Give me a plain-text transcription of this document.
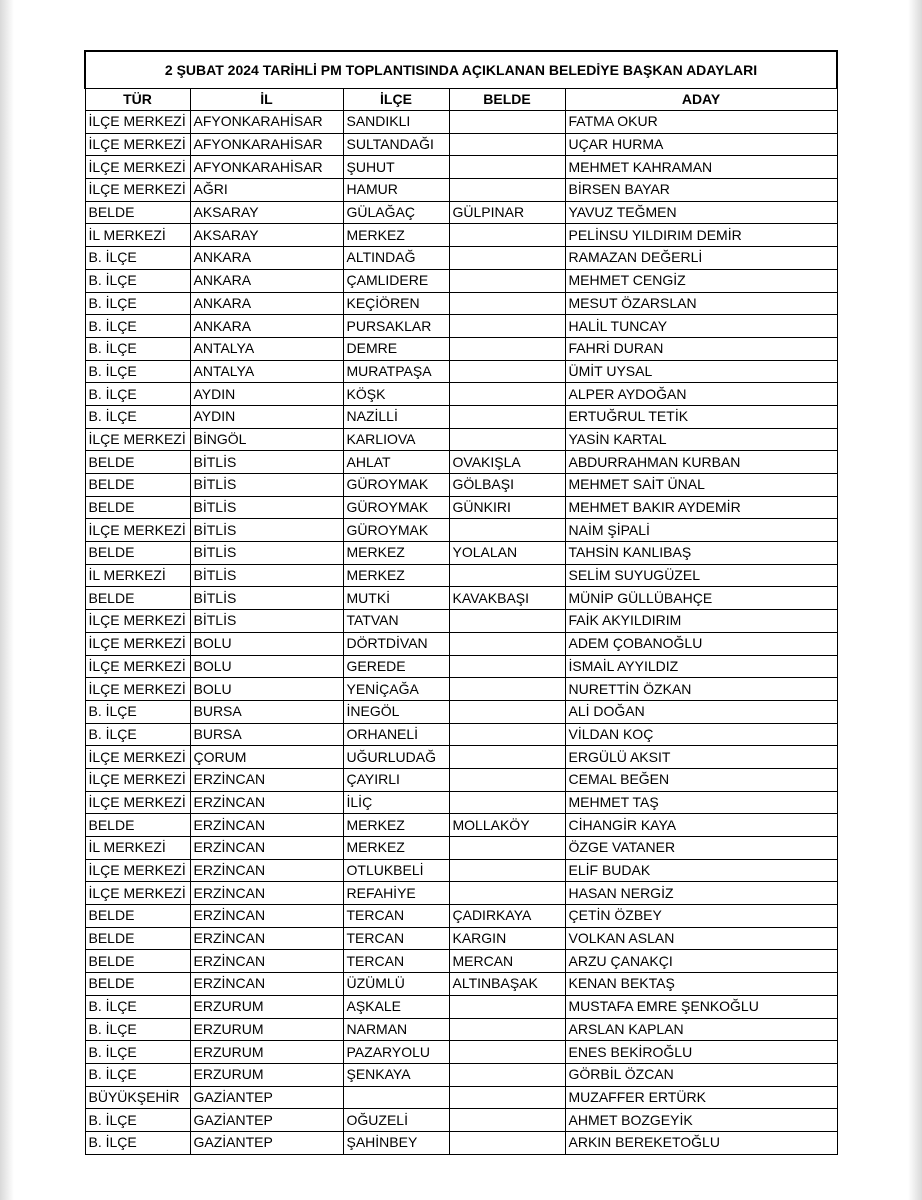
2 ŞUBAT 2024 TARİHLİ PM TOPLANTISINDA AÇIKLANAN BELEDİYE BAŞKAN ADAYLARI				
TÜR	İL	İLÇE	BELDE	ADAY
İLÇE MERKEZİ	AFYONKARAHİSAR	SANDIKLI		FATMA OKUR
İLÇE MERKEZİ	AFYONKARAHİSAR	SULTANDAĞI		UÇAR HURMA
İLÇE MERKEZİ	AFYONKARAHİSAR	ŞUHUT		MEHMET KAHRAMAN
İLÇE MERKEZİ	AĞRI	HAMUR		BİRSEN BAYAR
BELDE	AKSARAY	GÜLAĞAÇ	GÜLPINAR	YAVUZ TEĞMEN
İL MERKEZİ	AKSARAY	MERKEZ		PELİNSU YILDIRIM DEMİR
B. İLÇE	ANKARA	ALTINDAĞ		RAMAZAN DEĞERLİ
B. İLÇE	ANKARA	ÇAMLIDERE		MEHMET CENGİZ
B. İLÇE	ANKARA	KEÇİÖREN		MESUT ÖZARSLAN
B. İLÇE	ANKARA	PURSAKLAR		HALİL TUNCAY
B. İLÇE	ANTALYA	DEMRE		FAHRİ DURAN
B. İLÇE	ANTALYA	MURATPAŞA		ÜMİT UYSAL
B. İLÇE	AYDIN	KÖŞK		ALPER AYDOĞAN
B. İLÇE	AYDIN	NAZİLLİ		ERTUĞRUL TETİK
İLÇE MERKEZİ	BİNGÖL	KARLIOVA		YASİN KARTAL
BELDE	BİTLİS	AHLAT	OVAKIŞLA	ABDURRAHMAN KURBAN
BELDE	BİTLİS	GÜROYMAK	GÖLBAŞI	MEHMET SAİT ÜNAL
BELDE	BİTLİS	GÜROYMAK	GÜNKIRI	MEHMET BAKIR AYDEMİR
İLÇE MERKEZİ	BİTLİS	GÜROYMAK		NAİM ŞİPALİ
BELDE	BİTLİS	MERKEZ	YOLALAN	TAHSİN KANLIBAŞ
İL MERKEZİ	BİTLİS	MERKEZ		SELİM SUYUGÜZEL
BELDE	BİTLİS	MUTKİ	KAVAKBAŞI	MÜNİP GÜLLÜBAHÇE
İLÇE MERKEZİ	BİTLİS	TATVAN		FAİK AKYILDIRIM
İLÇE MERKEZİ	BOLU	DÖRTDİVAN		ADEM ÇOBANOĞLU
İLÇE MERKEZİ	BOLU	GEREDE		İSMAİL AYYILDIZ
İLÇE MERKEZİ	BOLU	YENİÇAĞA		NURETTİN ÖZKAN
B. İLÇE	BURSA	İNEGÖL		ALİ DOĞAN
B. İLÇE	BURSA	ORHANELİ		VİLDAN KOÇ
İLÇE MERKEZİ	ÇORUM	UĞURLUDAĞ		ERGÜLÜ AKSIT
İLÇE MERKEZİ	ERZİNCAN	ÇAYIRLI		CEMAL BEĞEN
İLÇE MERKEZİ	ERZİNCAN	İLİÇ		MEHMET TAŞ
BELDE	ERZİNCAN	MERKEZ	MOLLAKÖY	CİHANGİR KAYA
İL MERKEZİ	ERZİNCAN	MERKEZ		ÖZGE VATANER
İLÇE MERKEZİ	ERZİNCAN	OTLUKBELİ		ELİF BUDAK
İLÇE MERKEZİ	ERZİNCAN	REFAHİYE		HASAN NERGİZ
BELDE	ERZİNCAN	TERCAN	ÇADIRKAYA	ÇETİN ÖZBEY
BELDE	ERZİNCAN	TERCAN	KARGIN	VOLKAN ASLAN
BELDE	ERZİNCAN	TERCAN	MERCAN	ARZU ÇANAKÇI
BELDE	ERZİNCAN	ÜZÜMLÜ	ALTINBAŞAK	KENAN BEKTAŞ
B. İLÇE	ERZURUM	AŞKALE		MUSTAFA EMRE ŞENKOĞLU
B. İLÇE	ERZURUM	NARMAN		ARSLAN KAPLAN
B. İLÇE	ERZURUM	PAZARYOLU		ENES BEKİROĞLU
B. İLÇE	ERZURUM	ŞENKAYA		GÖRBİL ÖZCAN
BÜYÜKŞEHİR	GAZİANTEP			MUZAFFER ERTÜRK
B. İLÇE	GAZİANTEP	OĞUZELİ		AHMET BOZGEYİK
B. İLÇE	GAZİANTEP	ŞAHİNBEY		ARKIN BEREKETOĞLU
